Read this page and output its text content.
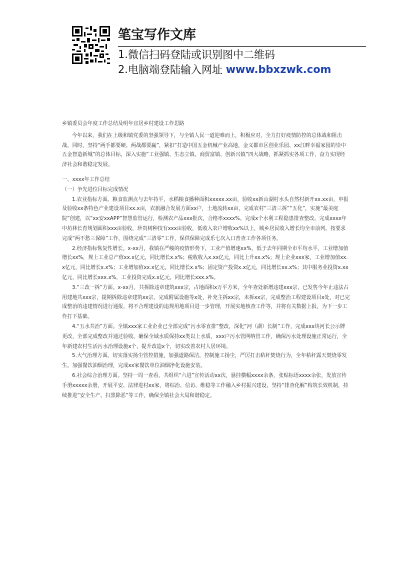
笔宝写作文库
1.微信扫码登陆或识别图中二维码
2.电脑端登陆输入网址 www.bbxzwk.com

乡镇委员会年度工作总结及明年宜居乡村建设工作思路

今年以来，我们在上级和镇党委的坚强领导下，与全镇人民一道迎难而上，积极应对，全力打好疫情防控的总体战和阻击战。同时，坚持“两手都要硬、两战都要赢”，紧扣“打造中国五金机械产业高地，金义都市区创业乐园、xx江畔幸福家园的崇中五金智造新城”的总体目标，深入实施“工业强镇、生态立镇、商贸富镇、创新兴镇”四大战略，抓紧抓实各项工作，奋力实现经济社会和谐稳定发展。

一、xxxx年工作总结

（一）争先进位目标完成情况

1.农业指标方面。粮食监测点与去年持平，水稻粮食播种面积xxxxx.xx亩，验收xx新山湖村水头自然村新开xx.xx亩，申报及验收xx条特色产业建设项目xx.x亩，农旅融合发展方面xx户，土地流转xx亩，完成农村“三清三拆”“五化”，实施“最美庭院”创建，以“xx安xxAPP”智慧监管运行，检测农产品xxx批次，合格率xxxx%。完成x个水利工程隐患排查整改。完成xxxx年中坊林长育规划面积xxx亩验收，珍贵树种技有xxx亩验收，低收入农户增收xx%以上，城乡居民收入增长均全市前列。按要求完成“两不愁三保障”工作，围绕完成“三清零”工作，保供保障完成乐七次入口普查工作各项任务。

2.经济指标恢复性增长。x-xx月，我镇在严峻的疫情形势下，工业产值增速xx%，低于去年同期全市平均水平，工业增加值增长xx%，规上工业总产值xx.x亿元，同比增长x.x%；税收收入x.xx亿元，同比上升xx.x%；规上企业xxx家，工业增加值xx.x亿元，同比增长x.x%；工业增加值xx.x亿元，同比增长x.x%；固定资产投资x.x亿元，同比增长xx.x%；其中服务业投资x.xx亿元，同比增长xxx.x%，工业投资完成x.x亿元，同比增长xxx.x%。

3.“三改一拆”方面。x-xx月，共拆除违章建筑xxx宗，占地面积x万平方米，全年查处新增违建xxx宗，已发售今年止违法占用建地共xxx宗，提期拆除违章建筑xx宗，完成附属设施等x处，补充主拆xx宗，未拆xx宗，完成整治工程建设项目x处，对已完成整治的违建情况进行通报，将不合理建设的违规用地项目进一步管理，开展实地核查工作等，并将有关数据上报，为下一步工作打下基础。

4.“五水共治”方面。全镇xxx家工业企业已全部完成“污水零直排”整改，深化“河（湖）长制”工作，完成xxx块河长公示牌更改，全部完成整改并通过验收。确保全域水质保持xx类以上水质，xxx户污水管网纳管工作，确保污水处理设施正常运行，全年新建农村生活污水治理设施x个，提升改造x个，切实改善农村人居环境。

5.大气治理方面。切实落实扬尘管控措施，加强道路保洁，控制施工扬尘，严厉打击秸秆焚烧行为，全年秸秆露天焚烧零发生。加强餐饮油烟治理，完成xx家餐饮单位油烟净化设施安装。

6.社会综合治理方面。坚持一周一查看，共组织“六进”宣传活动xx次，悬挂横幅xxxx余条，张贴标语xxxx余张，发放宣传手册xxxxx余册，开展平安、法律进村xx家，将综治、信访、维稳等工作融入乡村振兴建设，坚持“排查化解”构筑长效机制，持续推进“安全生产、扫黑除恶”等工作，确保全镇社会大局和谐稳定。
